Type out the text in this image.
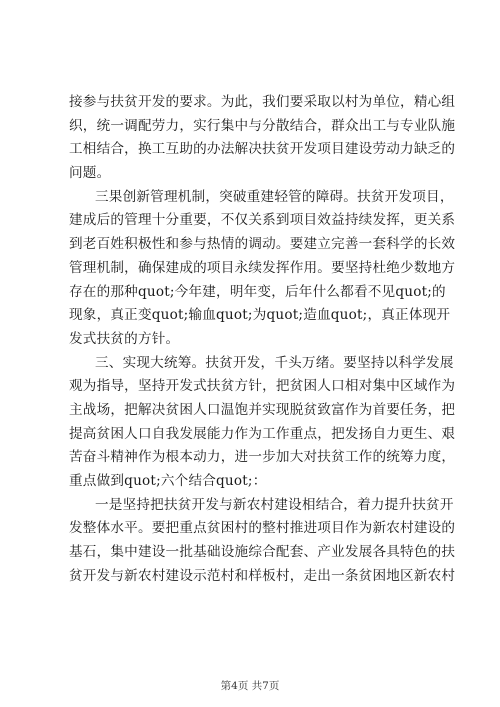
接参与扶贫开发的要求。为此，我们要采取以村为单位，精心组
织，统一调配劳力，实行集中与分散结合，群众出工与专业队施
工相结合，换工互助的办法解决扶贫开发项目建设劳动力缺乏的
问题。
三果创新管理机制，突破重建轻管的障碍。扶贫开发项目，
建成后的管理十分重要，不仅关系到项目效益持续发挥，更关系
到老百姓积极性和参与热情的调动。要建立完善一套科学的长效
管理机制，确保建成的项目永续发挥作用。要坚持杜绝少数地方
存在的那种quot;今年建，明年变，后年什么都看不见quot;的
现象，真正变quot;输血quot;为quot;造血quot;，真正体现开
发式扶贫的方针。
三、实现大统筹。扶贫开发，千头万绪。要坚持以科学发展
观为指导，坚持开发式扶贫方针，把贫困人口相对集中区域作为
主战场，把解决贫困人口温饱并实现脱贫致富作为首要任务，把
提高贫困人口自我发展能力作为工作重点，把发扬自力更生、艰
苦奋斗精神作为根本动力，进一步加大对扶贫工作的统筹力度，
重点做到quot;六个结合quot;：
一是坚持把扶贫开发与新农村建设相结合，着力提升扶贫开
发整体水平。要把重点贫困村的整村推进项目作为新农村建设的
基石，集中建设一批基础设施综合配套、产业发展各具特色的扶
贫开发与新农村建设示范村和样板村，走出一条贫困地区新农村
第4页 共7页
